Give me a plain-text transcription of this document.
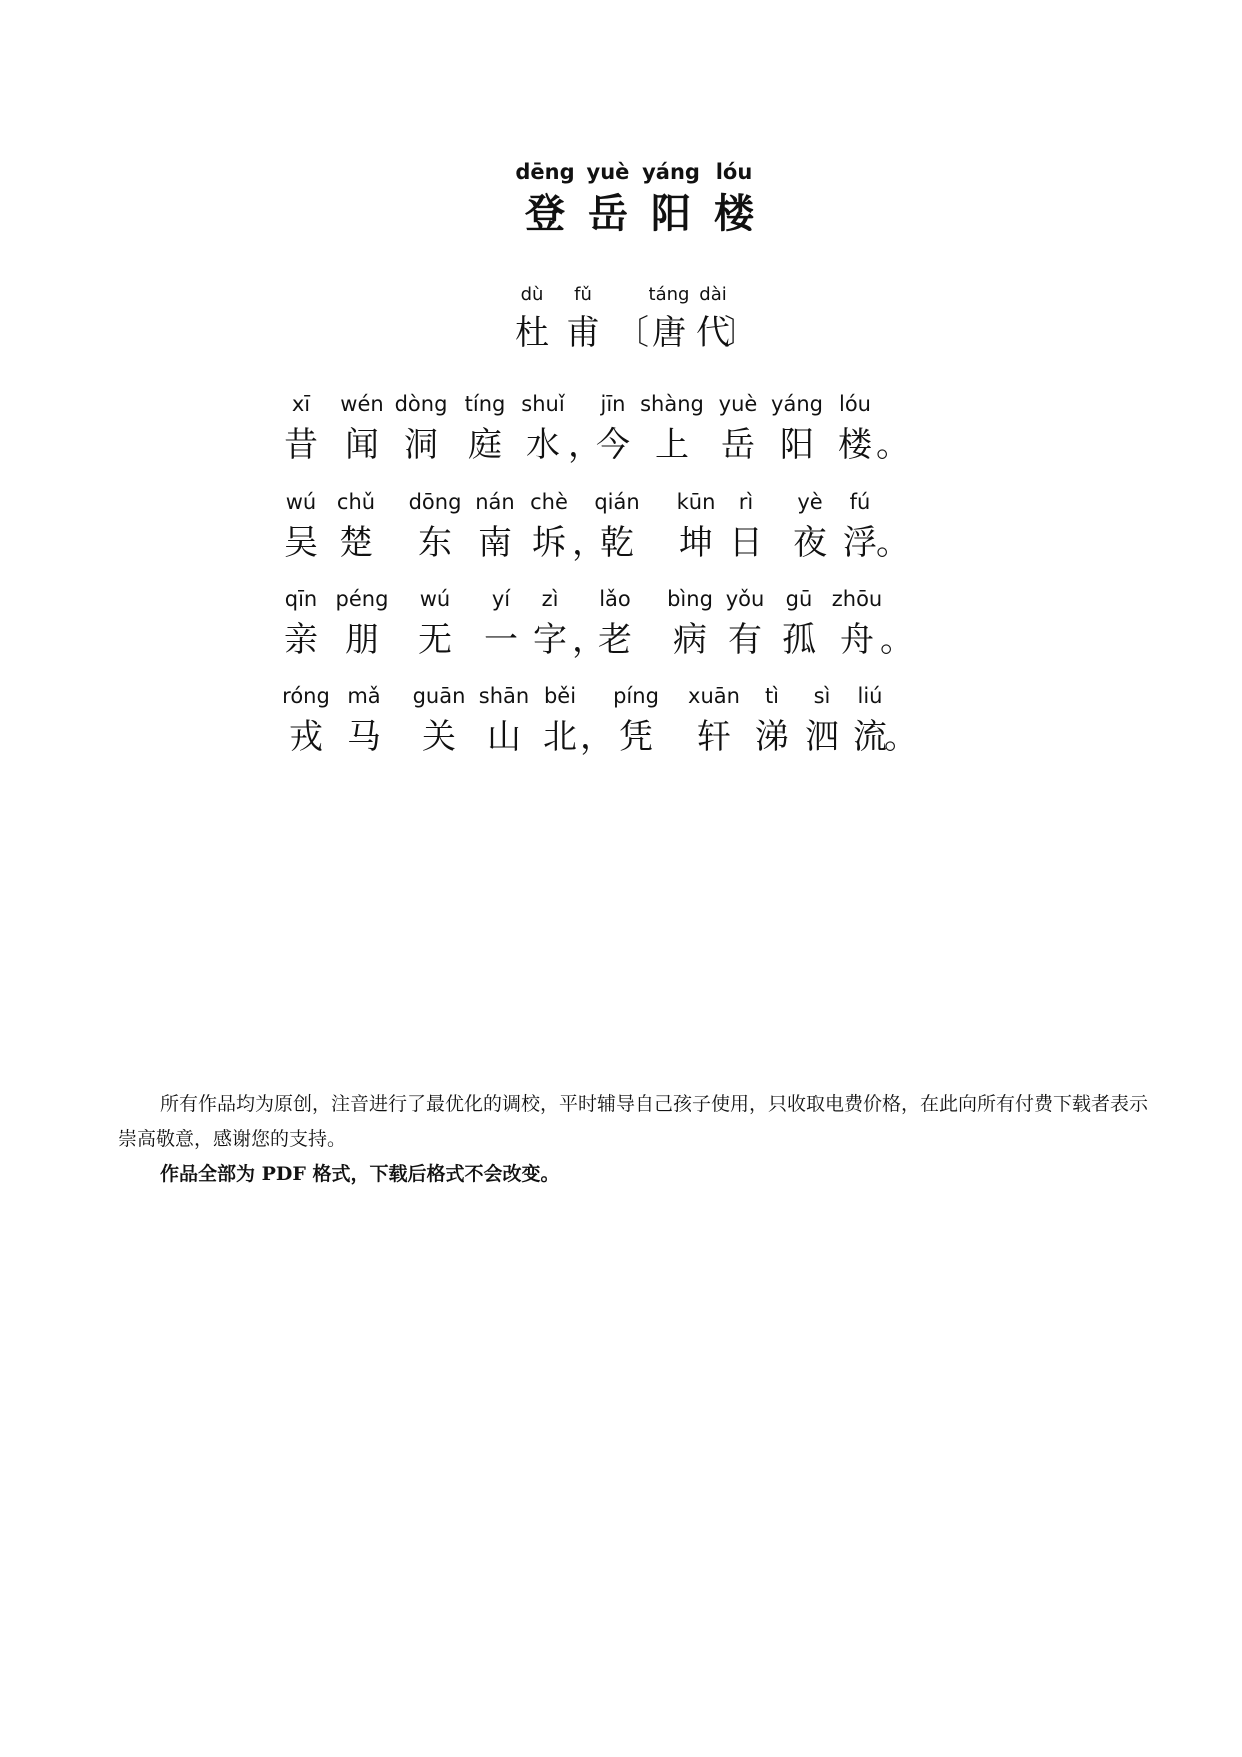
dēng
登
yuè
岳
yáng
阳
lóu
楼
dù
杜
fǔ
甫 〔
táng
唐
dài
代
〕
xī
昔
wén
闻
dòng
洞
tíng
庭
shuǐ
水 ，
jīn
今
shàng
上
yuè
岳
yáng
阳
lóu
楼 。
wú
吴
chǔ
楚
dōng
东
nán
南
chè
坼 ，
qián
乾
kūn
坤
rì
日
yè
夜
fú
浮 。
qīn
亲
péng
朋
wú
无
yí
一
zì
字 ，
lǎo
老
bìng
病
yǒu
有
gū
孤
zhōu
舟 。
róng
戎
mǎ
马
guān
关
shān
山
běi
北 ，
píng
凭
xuān
轩
tì
涕
sì
泗
liú
流
。

所有作品均为原创，注音进行了最优化的调校，平时辅导自己孩子使用，只收取电费价格，在此向所有付费下载者表示崇高敬意，感谢您的支持。

作品全部为 PDF 格式，下载后格式不会改变。
